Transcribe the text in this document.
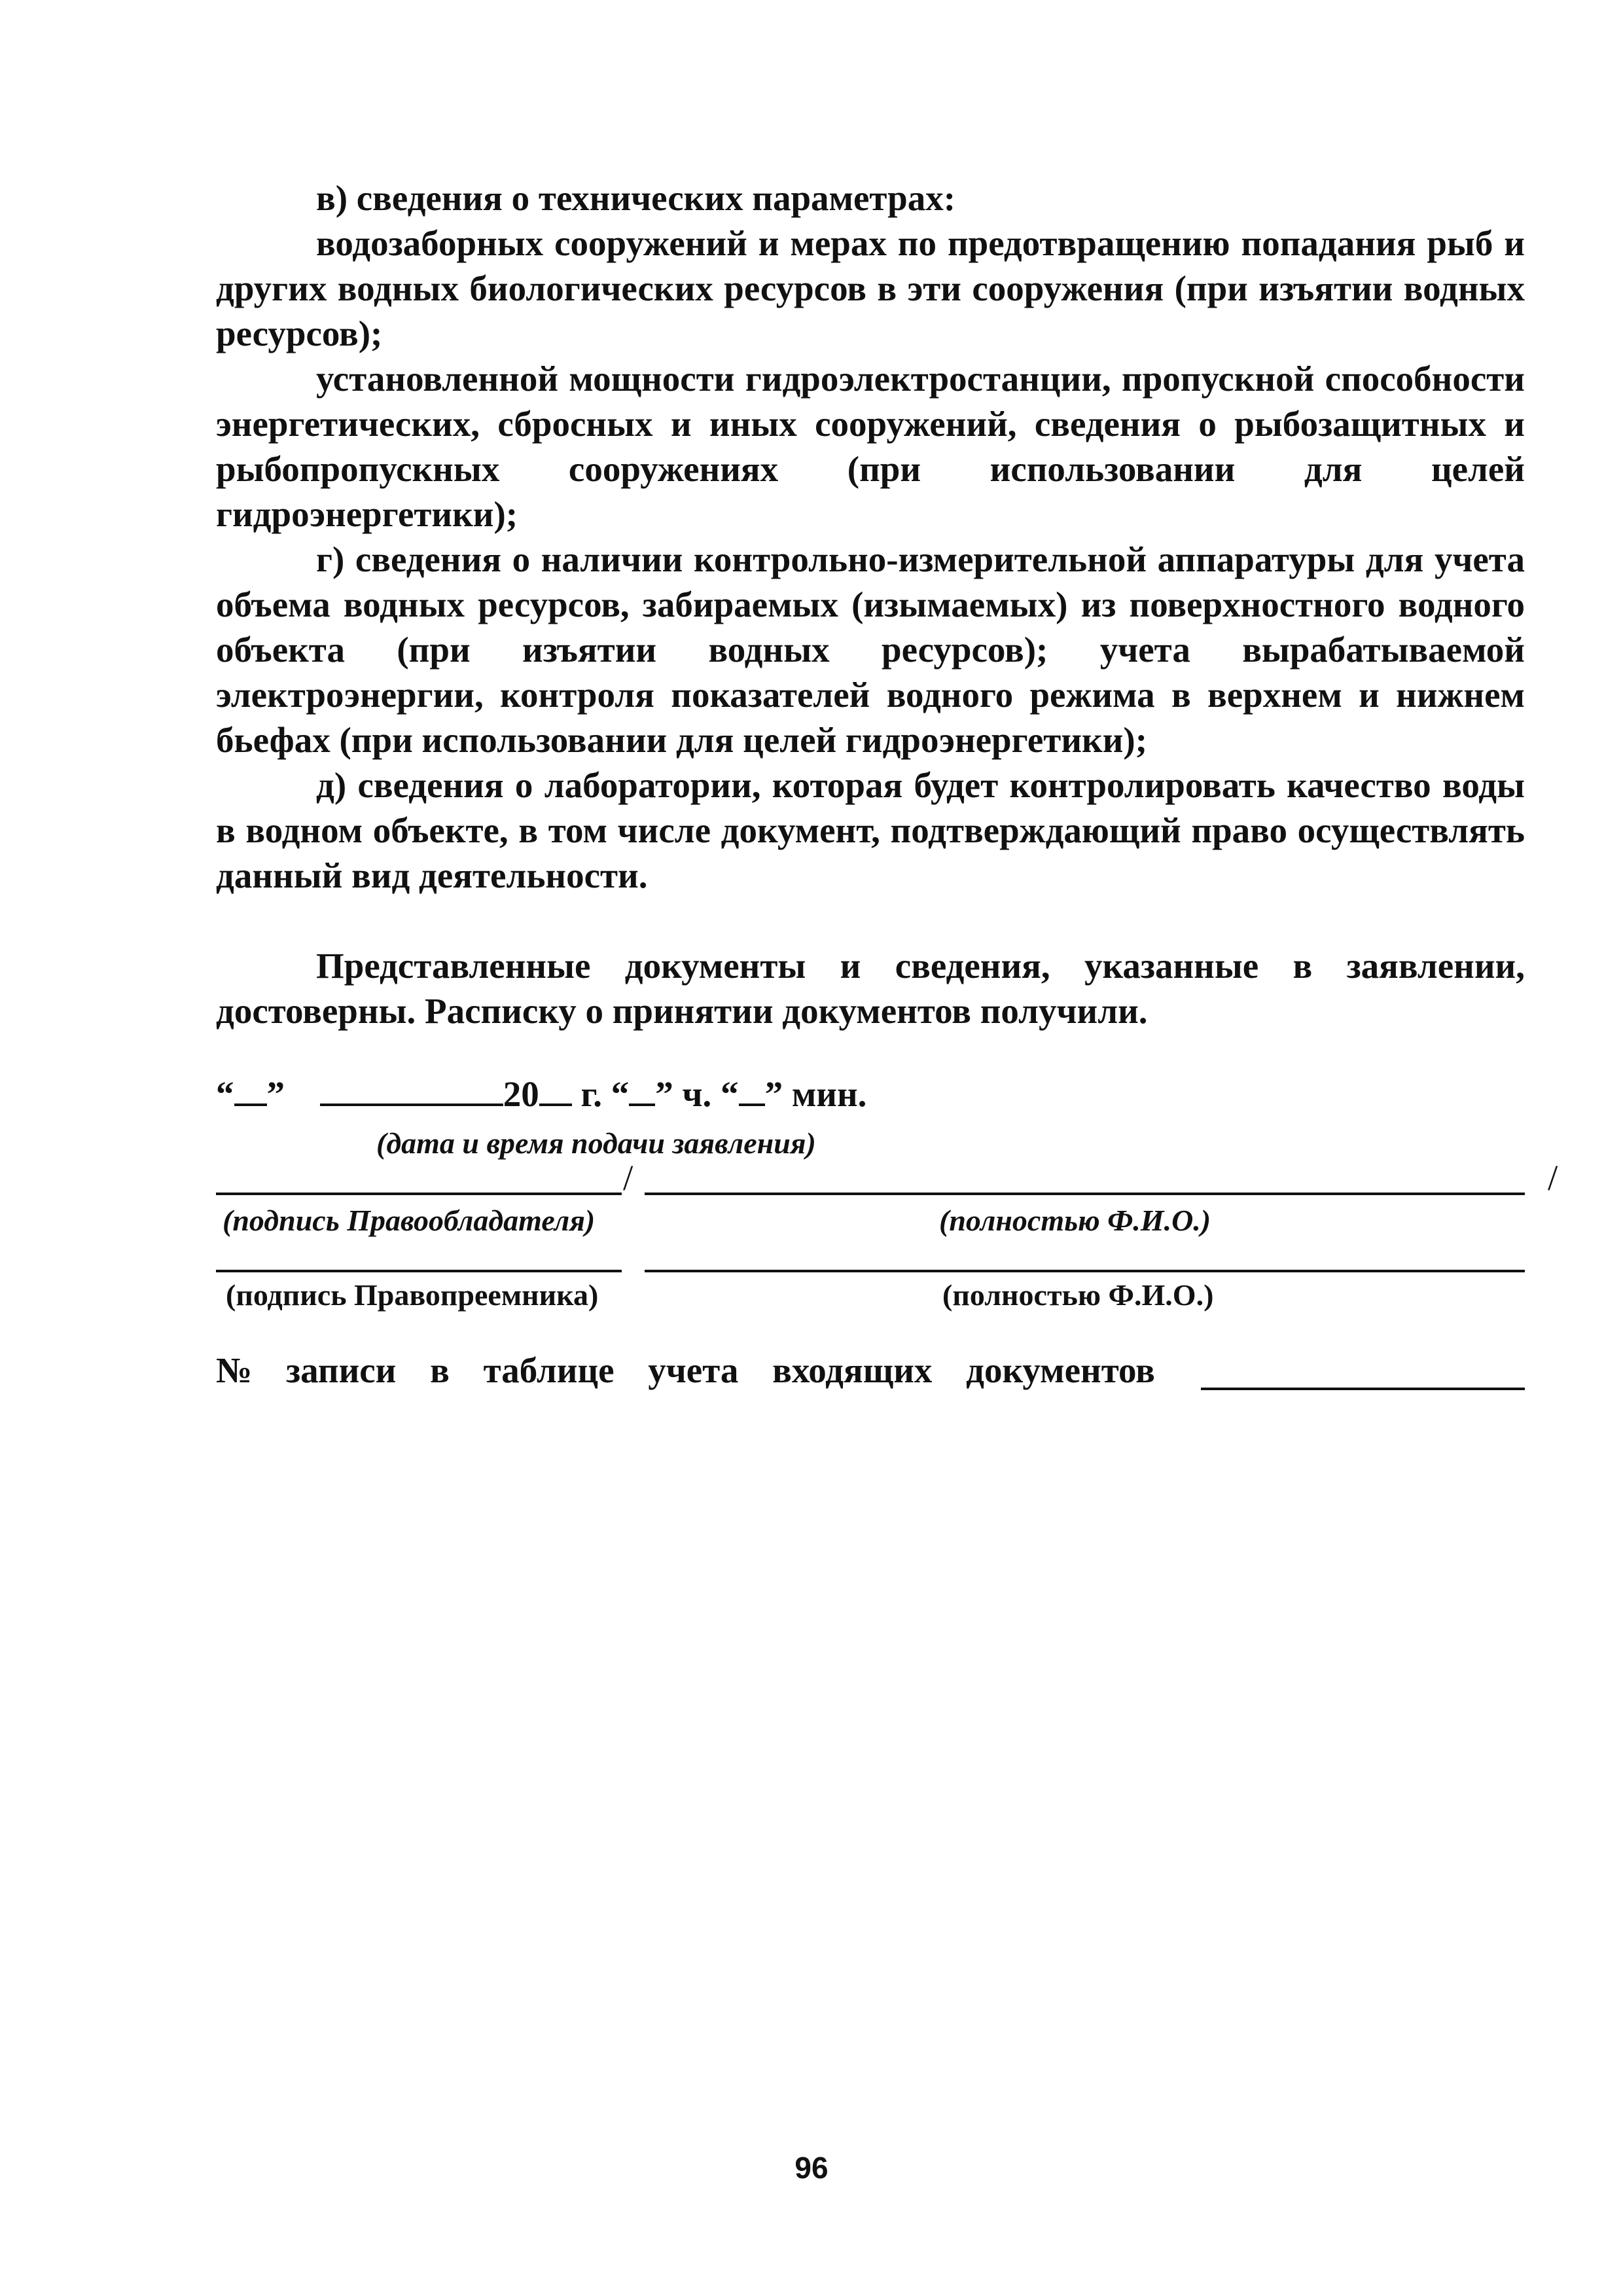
в) сведения о технических параметрах:

водозаборных сооружений и мерах по предотвращению попадания рыб и других водных биологических ресурсов в эти сооружения (при изъятии водных ресурсов);

установленной мощности гидроэлектростанции, пропускной способности энергетических, сбросных и иных сооружений, сведения о рыбозащитных и рыбопропускных сооружениях (при использовании для целей гидроэнергетики);

г) сведения о наличии контрольно-измерительной аппаратуры для учета объема водных ресурсов, забираемых (изымаемых) из поверхностного водного объекта (при изъятии водных ресурсов); учета вырабатываемой электроэнергии, контроля показателей водного режима в верхнем и нижнем бьефах (при использовании для целей гидроэнергетики);

д) сведения о лаборатории, которая будет контролировать качество воды в водном объекте, в том числе документ, подтверждающий право осуществлять данный вид деятельности.

Представленные документы и сведения, указанные в заявлении, достоверны. Расписку о принятии документов получили.

“ ”	20 г. “ ” ч. “ ” мин.
(дата и время подачи заявления)
/	/
(подпись Правообладателя)	(полностью Ф.И.О.)
(подпись Правопреемника)	(полностью Ф.И.О.)
№ записи в таблице учета входящих документов
96
